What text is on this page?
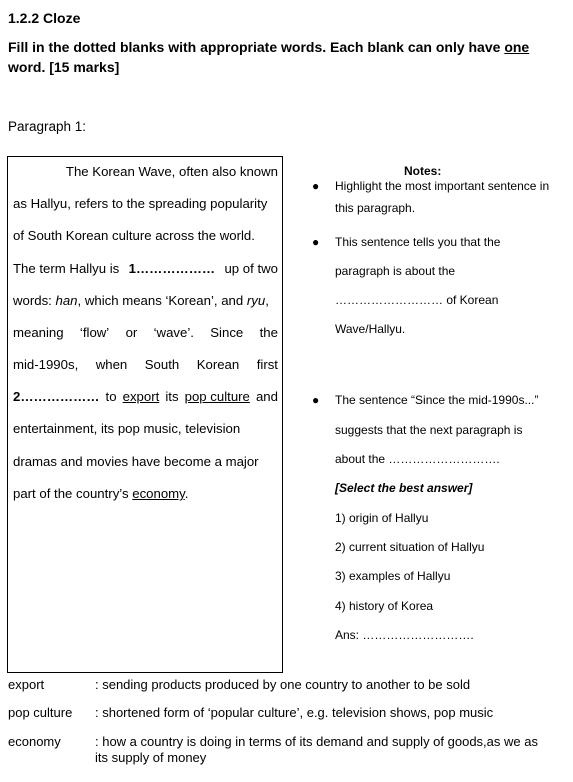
1.2.2 Cloze
Fill in the dotted blanks with appropriate words. Each blank can only have one word. [15 marks]
Paragraph 1:
The Korean Wave, often also known
as Hallyu, refers to the spreading popularity
of South Korean culture across the world.
The term Hallyu is 1……………… up of two
words: han, which means ‘Korean’, and ryu,
meaning ‘flow’ or ‘wave’. Since the
mid-1990s, when South Korean first
2……………… to export its pop culture and
entertainment, its pop music, television
dramas and movies have become a major
part of the country’s economy.
Notes:
● Highlight the most important sentence in
this paragraph.
● This sentence tells you that the
paragraph is about the
……………………… of Korean
Wave/Hallyu.
● The sentence “Since the mid-1990s...”
suggests that the next paragraph is
about the ……………………….
[Select the best answer]
1) origin of Hallyu
2) current situation of Hallyu
3) examples of Hallyu
4) history of Korea
Ans: ……………………….
export	: sending products produced by one country to another to be sold
pop culture : shortened form of ‘popular culture’, e.g. television shows, pop music
economy	: how a country is doing in terms of its demand and supply of goods,as we as its supply of money
